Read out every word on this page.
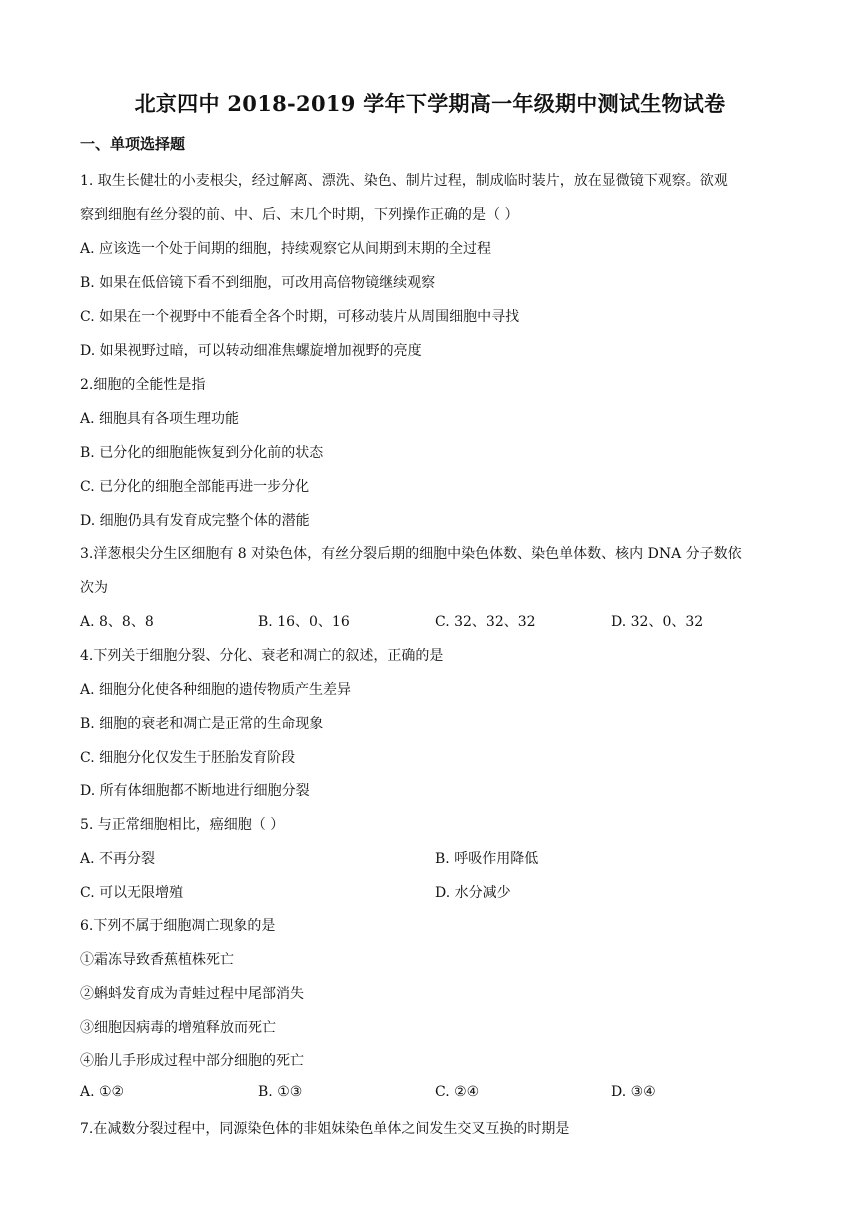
北京四中 2018-2019 学年下学期高一年级期中测试生物试卷
一、单项选择题
1. 取生长健壮的小麦根尖，经过解离、漂洗、染色、制片过程，制成临时装片，放在显微镜下观察。欲观
察到细胞有丝分裂的前、中、后、末几个时期，下列操作正确的是（ ）
A. 应该选一个处于间期的细胞，持续观察它从间期到末期的全过程
B. 如果在低倍镜下看不到细胞，可改用高倍物镜继续观察
C. 如果在一个视野中不能看全各个时期，可移动装片从周围细胞中寻找
D. 如果视野过暗，可以转动细准焦螺旋增加视野的亮度
2.细胞的全能性是指
A. 细胞具有各项生理功能
B. 已分化的细胞能恢复到分化前的状态
C. 已分化的细胞全部能再进一步分化
D. 细胞仍具有发育成完整个体的潜能
3.洋葱根尖分生区细胞有 8 对染色体，有丝分裂后期的细胞中染色体数、染色单体数、核内 DNA 分子数依
次为
A. 8、8、8	B. 16、0、16	C. 32、32、32	D. 32、0、32
4.下列关于细胞分裂、分化、衰老和凋亡的叙述，正确的是
A. 细胞分化使各种细胞的遗传物质产生差异
B. 细胞的衰老和凋亡是正常的生命现象
C. 细胞分化仅发生于胚胎发育阶段
D. 所有体细胞都不断地进行细胞分裂
5. 与正常细胞相比，癌细胞（ ）
A. 不再分裂	B. 呼吸作用降低
C. 可以无限增殖	D. 水分减少
6.下列不属于细胞凋亡现象的是
①霜冻导致香蕉植株死亡
②蝌蚪发育成为青蛙过程中尾部消失
③细胞因病毒的增殖释放而死亡
④胎儿手形成过程中部分细胞的死亡
A. ①②	B. ①③	C. ②④	D. ③④
7.在减数分裂过程中，同源染色体的非姐妹染色单体之间发生交叉互换的时期是
